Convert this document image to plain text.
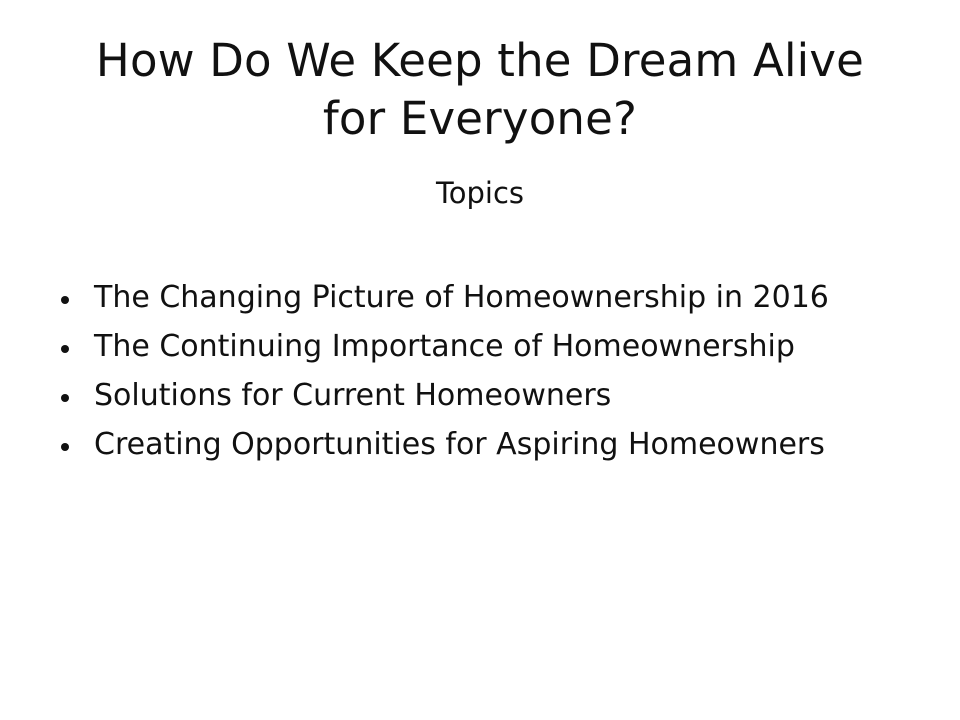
How Do We Keep the Dream Alive for Everyone?
Topics
The Changing Picture of Homeownership in 2016
The Continuing Importance of Homeownership
Solutions for Current Homeowners
Creating Opportunities for Aspiring Homeowners
